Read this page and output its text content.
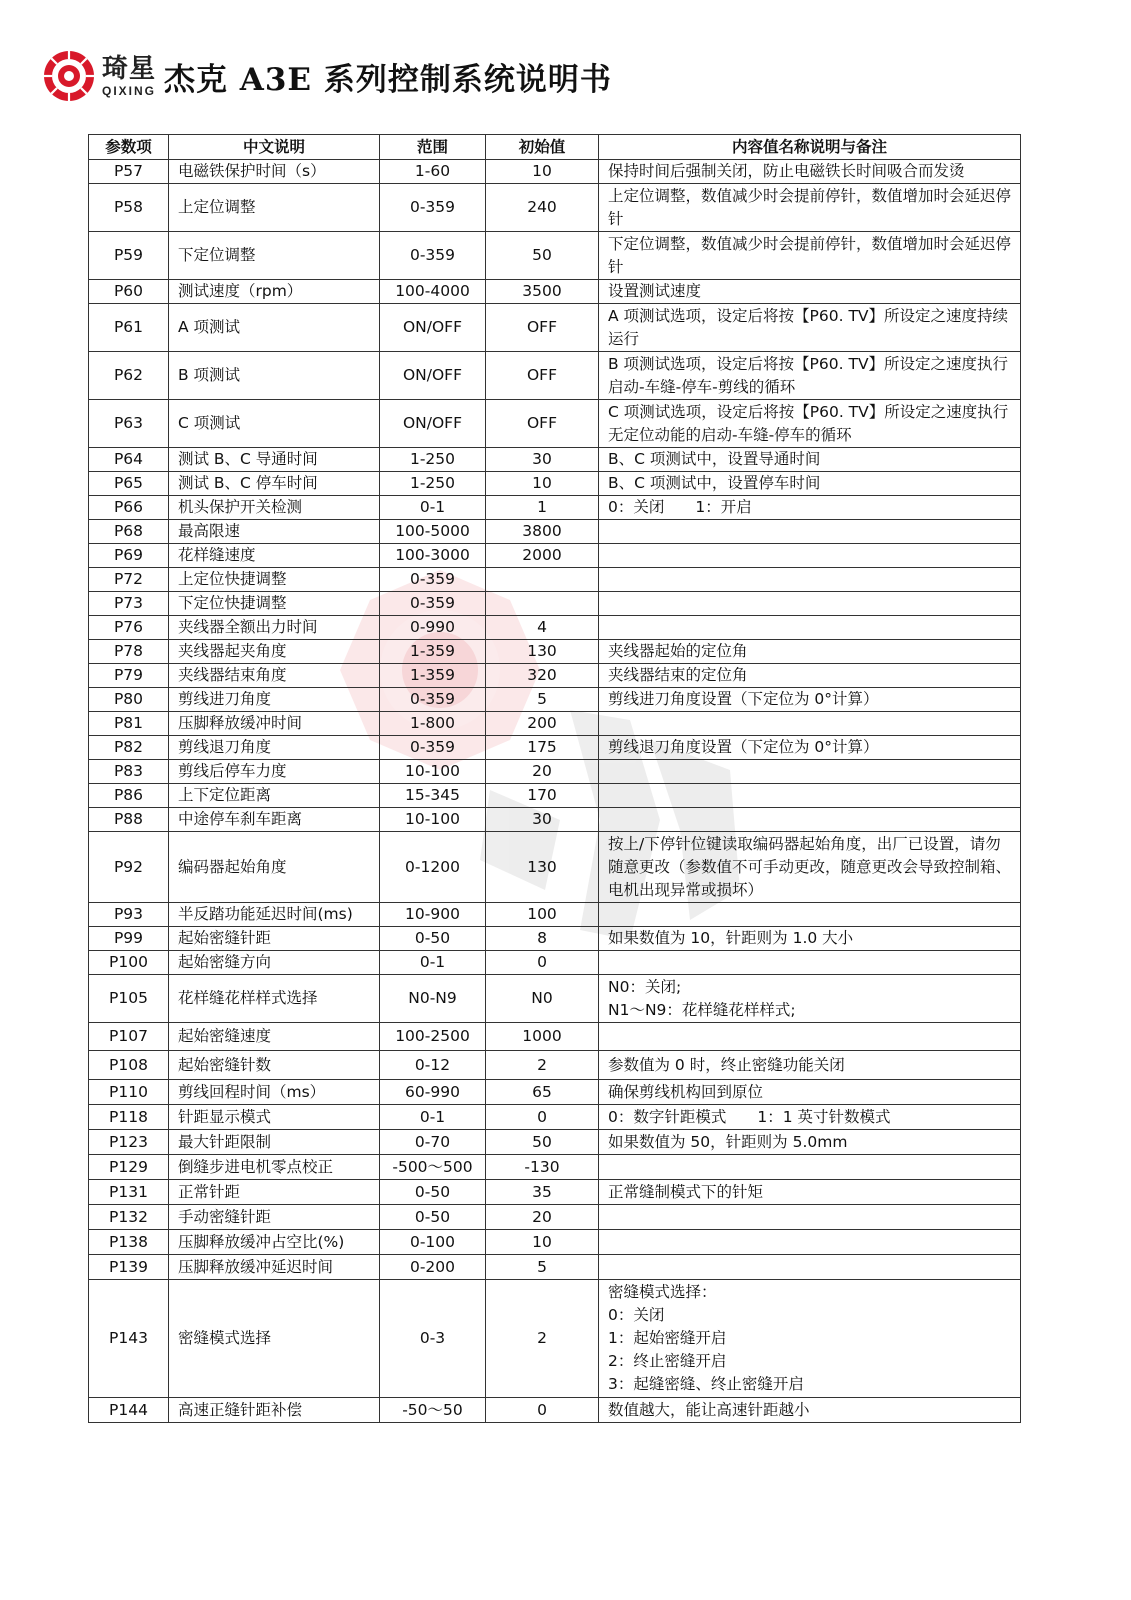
琦星
QIXING 杰克 A3E 系列控制系统说明书
参数项	中文说明	范围	初始值	内容值名称说明与备注
P57	电磁铁保护时间（s）	1-60	10	保持时间后强制关闭，防止电磁铁长时间吸合而发烫
P58	上定位调整	0-359	240	上定位调整，数值减少时会提前停针，数值增加时会延迟停针
P59	下定位调整	0-359	50	下定位调整，数值减少时会提前停针，数值增加时会延迟停针
P60	测试速度（rpm）	100-4000	3500	设置测试速度
P61	A 项测试	ON/OFF	OFF	A 项测试选项，设定后将按【P60. TV】所设定之速度持续运行
P62	B 项测试	ON/OFF	OFF	B 项测试选项，设定后将按【P60. TV】所设定之速度执行启动-车缝-停车-剪线的循环
P63	C 项测试	ON/OFF	OFF	C 项测试选项，设定后将按【P60. TV】所设定之速度执行无定位动能的启动-车缝-停车的循环
P64	测试 B、C 导通时间	1-250	30	B、C 项测试中，设置导通时间
P65	测试 B、C 停车时间	1-250	10	B、C 项测试中，设置停车时间
P66	机头保护开关检测	0-1	1	0：关闭　　1：开启
P68	最高限速	100-5000	3800	
P69	花样缝速度	100-3000	2000	
P72	上定位快捷调整	0-359		
P73	下定位快捷调整	0-359		
P76	夹线器全额出力时间	0-990	4	
P78	夹线器起夹角度	1-359	130	夹线器起始的定位角
P79	夹线器结束角度	1-359	320	夹线器结束的定位角
P80	剪线进刀角度	0-359	5	剪线进刀角度设置（下定位为 0°计算）
P81	压脚释放缓冲时间	1-800	200	
P82	剪线退刀角度	0-359	175	剪线退刀角度设置（下定位为 0°计算）
P83	剪线后停车力度	10-100	20	
P86	上下定位距离	15-345	170	
P88	中途停车刹车距离	10-100	30	
P92	编码器起始角度	0-1200	130	按上/下停针位键读取编码器起始角度，出厂已设置，请勿随意更改（参数值不可手动更改，随意更改会导致控制箱、电机出现异常或损坏）
P93	半反踏功能延迟时间(ms)	10-900	100	
P99	起始密缝针距	0-50	8	如果数值为 10，针距则为 1.0 大小
P100	起始密缝方向	0-1	0	
P105	花样缝花样样式选择	N0-N9	N0	N0：关闭;
N1～N9：花样缝花样样式;
P107	起始密缝速度	100-2500	1000	
P108	起始密缝针数	0-12	2	参数值为 0 时，终止密缝功能关闭
P110	剪线回程时间（ms）	60-990	65	确保剪线机构回到原位
P118	针距显示模式	0-1	0	0：数字针距模式　　1：1 英寸针数模式
P123	最大针距限制	0-70	50	如果数值为 50，针距则为 5.0mm
P129	倒缝步进电机零点校正	-500～500	-130	
P131	正常针距	0-50	35	正常缝制模式下的针矩
P132	手动密缝针距	0-50	20	
P138	压脚释放缓冲占空比(%)	0-100	10	
P139	压脚释放缓冲延迟时间	0-200	5	
P143	密缝模式选择	0-3	2	密缝模式选择：
0：关闭
1：起始密缝开启
2：终止密缝开启
3：起缝密缝、终止密缝开启
P144	高速正缝针距补偿	-50～50	0	数值越大，能让高速针距越小
